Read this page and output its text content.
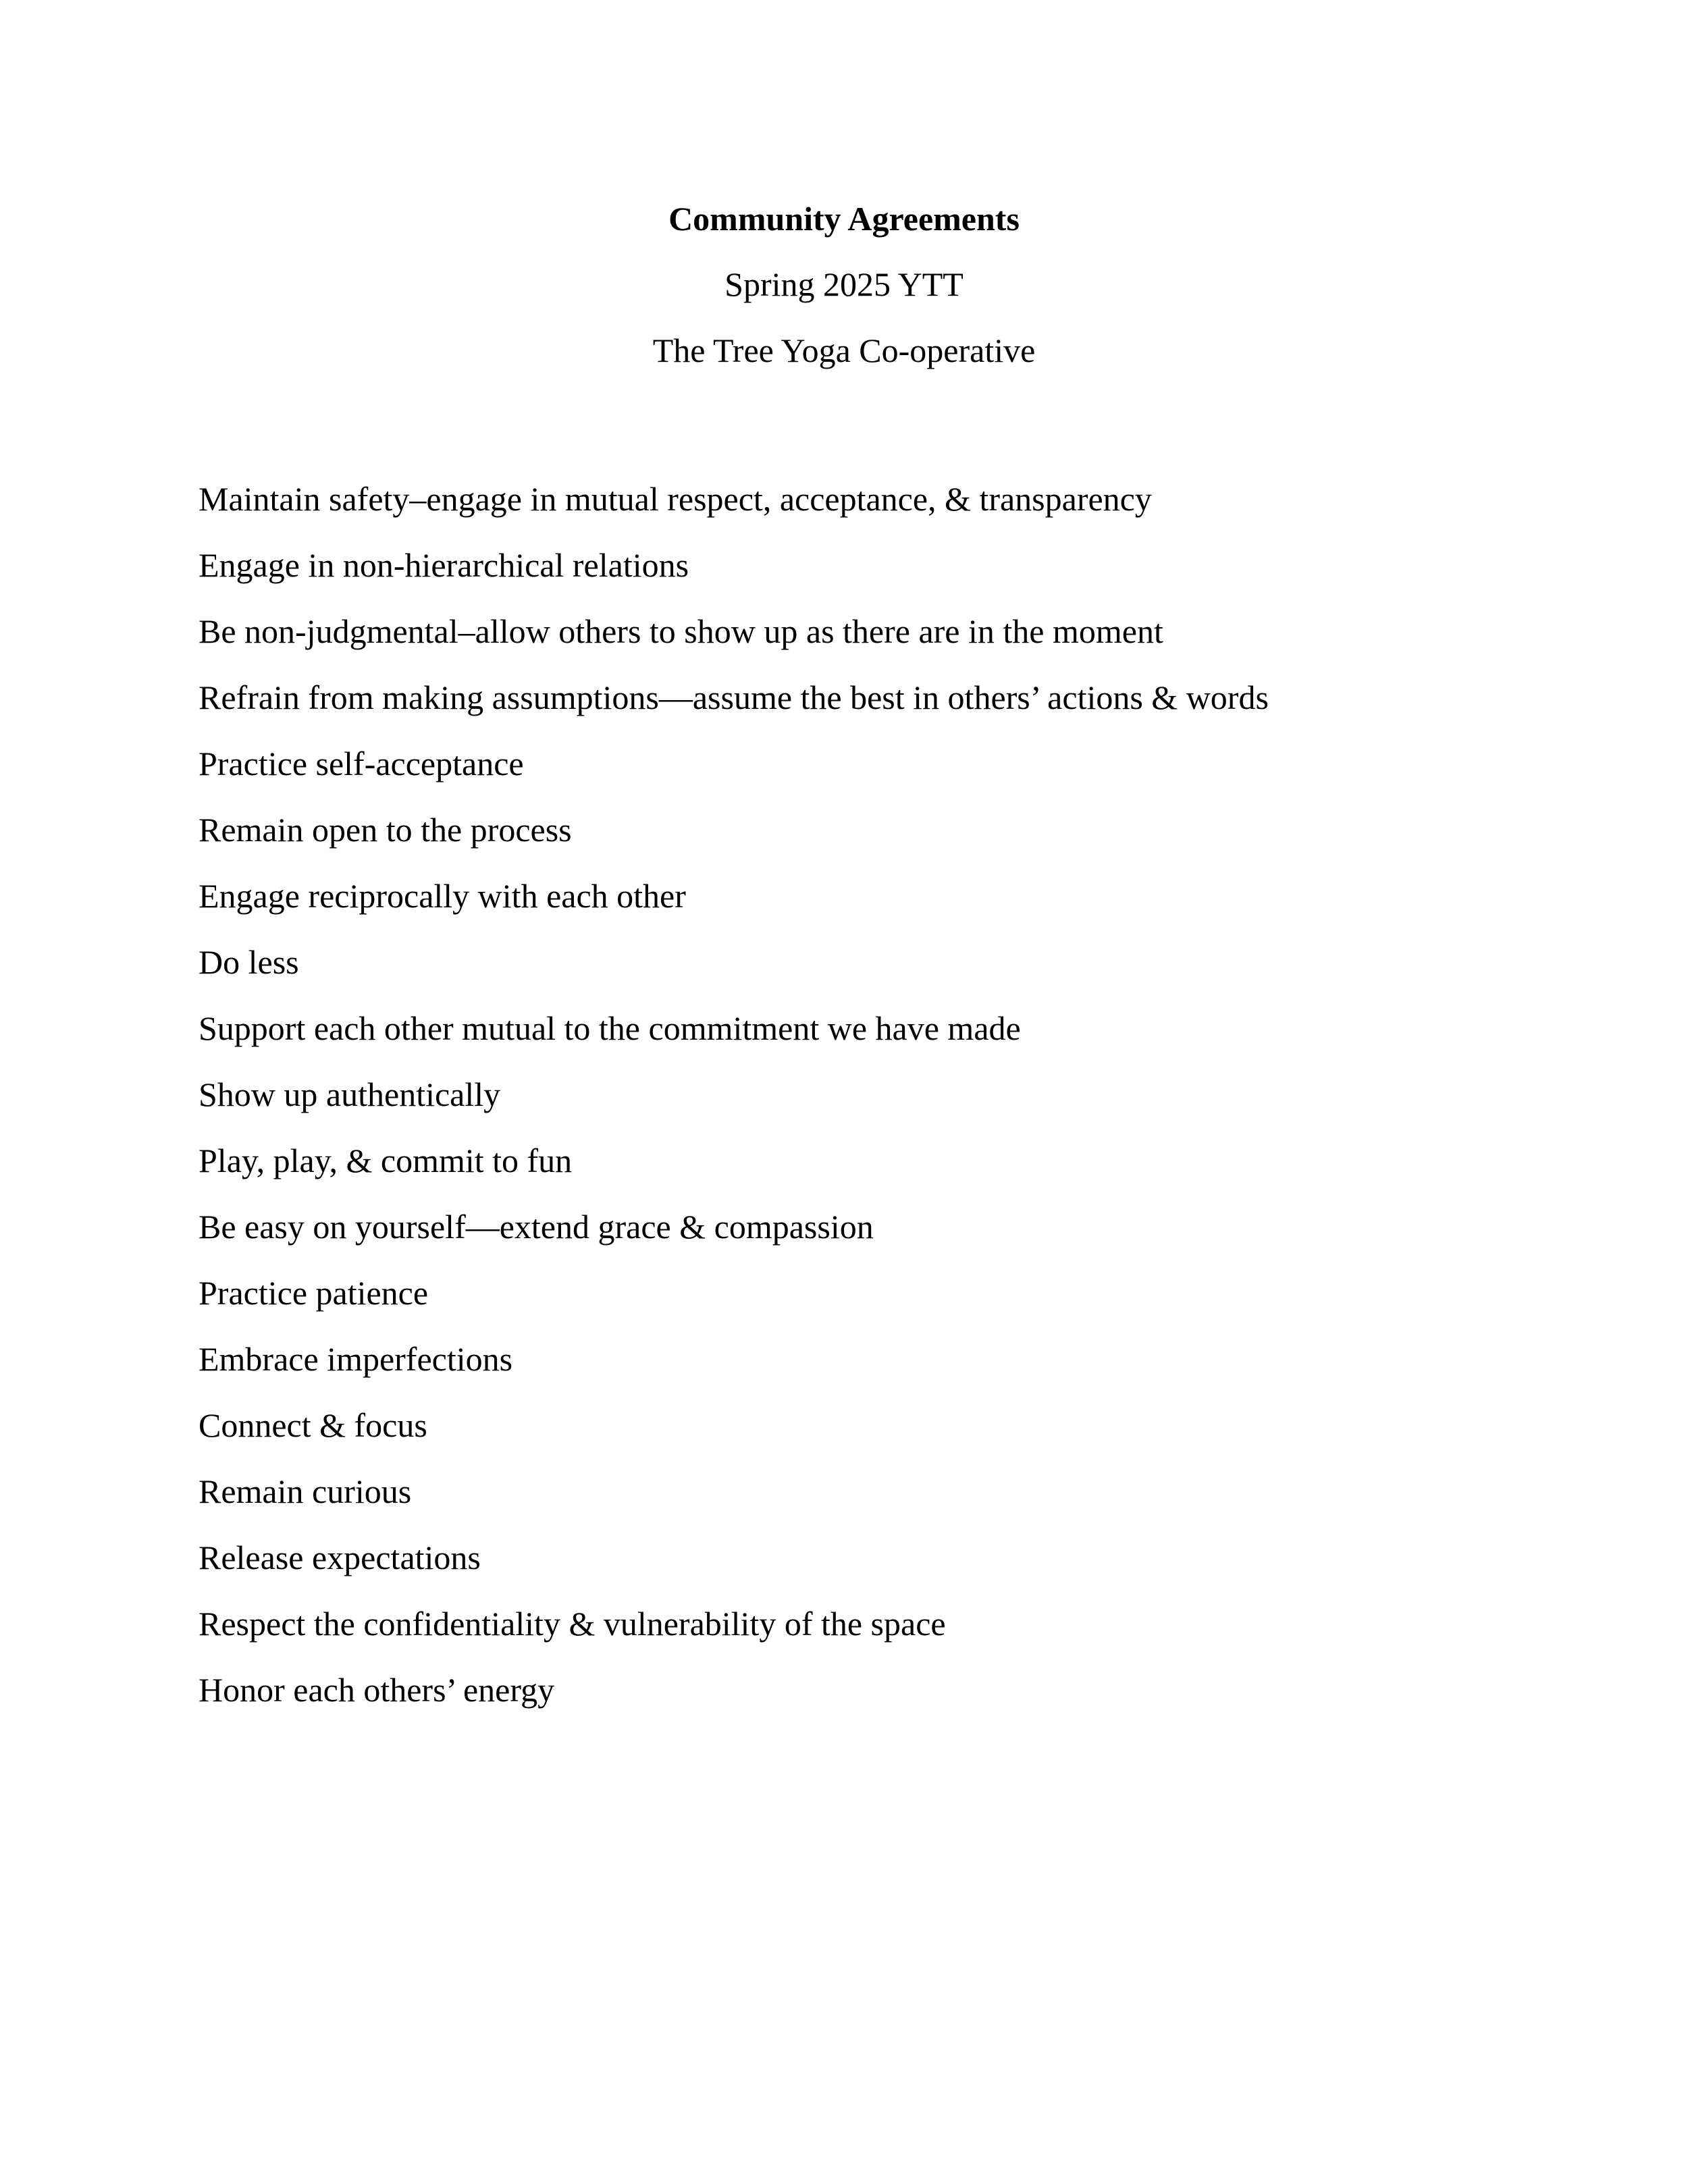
Community Agreements
Spring 2025 YTT
The Tree Yoga Co-operative
Maintain safety–engage in mutual respect, acceptance, & transparency
Engage in non-hierarchical relations
Be non-judgmental–allow others to show up as there are in the moment
Refrain from making assumptions—assume the best in others’ actions & words
Practice self-acceptance
Remain open to the process
Engage reciprocally with each other
Do less
Support each other mutual to the commitment we have made
Show up authentically
Play, play, & commit to fun
Be easy on yourself—extend grace & compassion
Practice patience
Embrace imperfections
Connect & focus
Remain curious
Release expectations
Respect the confidentiality & vulnerability of the space
Honor each others’ energy
